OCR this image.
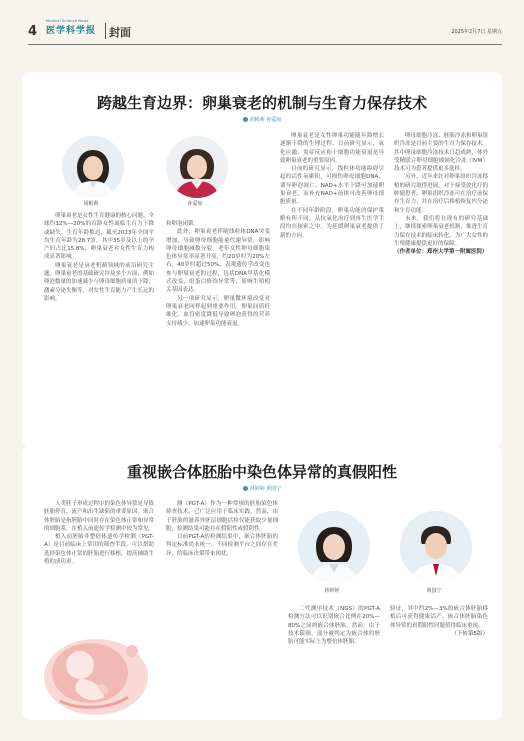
4
Medical Science News
医学科学报	封面	2025年2月7日 星期五
跨越生育边界：卵巢衰老的机制与生育力保存技术
胡彬莉 孙爱琼
胡彬莉	孙爱琼

卵巢衰老是女性生育健康的核心问题。全球约12%—20%的育龄女性面临生育力下降或缺失。生育年龄推迟，截至2023年全国平均生育年龄为28.7岁，其中35岁及以上的孕产妇占比15.8%，卵巢衰老对女性生育力构成显著影响。

卵巢衰老是衰老机制领域的前沿研究主题。卵巢衰老的基础研究涉及多个方面，例如卵泡数量的加速减少与卵母细胞质量的下降，激素分泌失衡等，对女性生育能力产生长远的影响。

和卵泡闭锁。

此外，卵巢衰老伴随线粒体DNA突变增加，导致卵母细胞能量代谢异常，影响卵母细胞减数分裂。老年女性卵母细胞染色体异常率显著升高，约20岁时为20%左右，40岁时超过50%。表观遗传学改变也参与卵巢衰老的过程，包括DNA甲基化模式改变、组蛋白修饰异常等，影响生殖相关基因表达。

另一项研究显示，卵巢微环境改变对卵巢衰老同样起到重要作用。卵巢间质纤维化、血管密度降低导致卵泡获得的营养支持减少，加速卵巢功能衰退。

卵巢衰老是女性卵巢功能随年龄增长逐渐下降的生理过程，目前研究显示，氧化应激、炎症反应和干细胞功能衰退是导致卵巢衰老的重要原因。

目前的研究显示，线粒体功能障碍引起的活性氧累积，可损伤卵母细胞DNA，诱导卵泡凋亡。NAD+水平下降可加速卵巢衰老，而补充NAD+前体可改善卵母细胞质量。

在不同年龄阶段，卵巢功能的保护策略有所不同，从抗氧化治疗到再生医学手段均在探索之中，为延缓卵巢衰老提供了新的方向。

卵母细胞冷冻、胚胎冷冻和卵巢组织冷冻是目前主要的生育力保存技术。其中卵母细胞冷冻技术日趋成熟，体外受精联合卵母细胞玻璃化冷冻（IVM）技术可为患者提供更多选择。

另外，近年来针对卵巢组织冷冻移植的研究取得进展，对于接受放化疗的肿瘤患者，卵巢组织冷冻可在治疗前保存生育力，并在治疗后移植恢复内分泌和生育功能。

未来，我们将在现有的研究基础上，继续探索卵巢衰老机制，推进生育力保存技术的临床转化，为广大女性的生殖健康提供更好的保障。

（作者单位：郑州大学第一附属医院）

重视嵌合体胚胎中染色体异常的真假阳性
林婷婷 黄国宁

人类胚子形成过程中的染色体异常是导致胚胎停育、流产和出生缺陷的重要原因。嵌合体胚胎是指胚胎中同时存在染色体正常和异常的细胞系，在植入前遗传学检测中较为常见。

植入前胚胎非整倍体遗传学检测（PGT-A）是目前临床上常用的筛查手段，可以帮助选择染色体正常的胚胎进行移植，提高辅助生殖的成功率。

测（PGT-A）作为一种常规的胚胎染色体筛查技术，已广泛应用于临床实践。然而，由于胚胎的滋养外胚层细胞活检仅能获取少量细胞，检测结果可能存在假阳性或假阴性。

目前PGT-A的检测结果中，嵌合体胚胎的判定标准尚未统一，不同检测平台之间存在差异，给临床决策带来困扰。

林婷婷	黄国宁

二代测序技术（NGS）的PGT-A检测方法可以识别嵌合比例在20%—80%之间的嵌合体胚胎。然而，由于技术限制，部分被判定为嵌合体的胚胎可能实际上为整倍体胚胎。

验证，其中约2%—3%的嵌合体胚胎移植后可获得健康活产。嵌合体胚胎染色体异常的真假阳性问题值得临床重视。

（下转第5版）
